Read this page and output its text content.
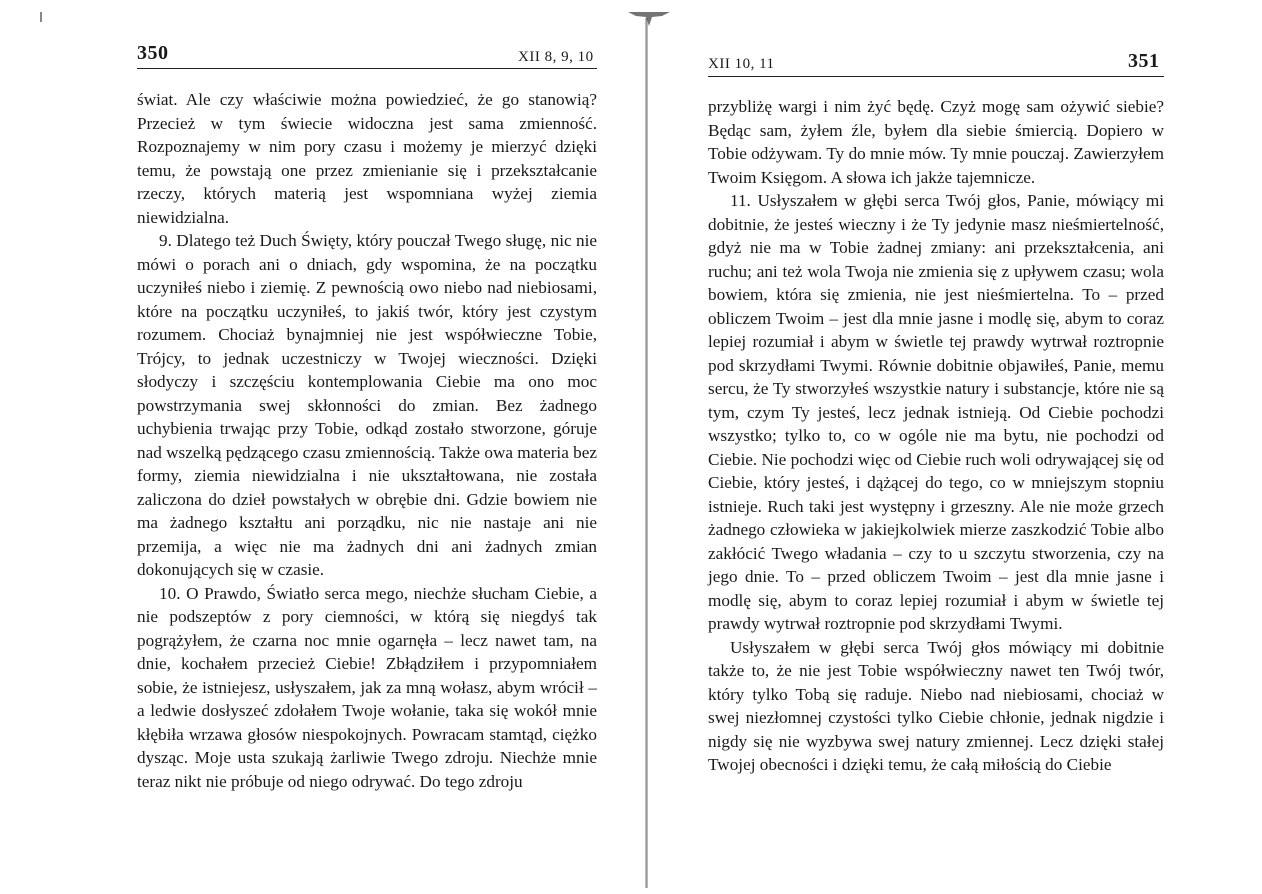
350	XII 8, 9, 10

świat. Ale czy właściwie można powiedzieć, że go stanowią? Przecież w tym świecie widoczna jest sama zmienność. Rozpoznajemy w nim pory czasu i możemy je mierzyć dzięki temu, że powstają one przez zmienianie się i przekształcanie rzeczy, których materią jest wspomniana wyżej ziemia niewidzialna.

9. Dlatego też Duch Święty, który pouczał Twego sługę, nic nie mówi o porach ani o dniach, gdy wspomina, że na początku uczyniłeś niebo i ziemię. Z pewnością owo niebo nad niebiosami, które na początku uczyniłeś, to jakiś twór, który jest czystym rozumem. Chociaż bynajmniej nie jest współwieczne Tobie, Trójcy, to jednak uczestniczy w Twojej wieczności. Dzięki słodyczy i szczęściu kontemplowania Ciebie ma ono moc powstrzymania swej skłonności do zmian. Bez żadnego uchybienia trwając przy Tobie, odkąd zostało stworzone, góruje nad wszelką pędzącego czasu zmiennością. Także owa materia bez formy, ziemia niewidzialna i nie ukształtowana, nie została zaliczona do dzieł powstałych w obrębie dni. Gdzie bowiem nie ma żadnego kształtu ani porządku, nic nie nastaje ani nie przemija, a więc nie ma żadnych dni ani żadnych zmian dokonujących się w czasie.

10. O Prawdo, Światło serca mego, niechże słucham Ciebie, a nie podszeptów z pory ciemności, w którą się niegdyś tak pogrążyłem, że czarna noc mnie ogarnęła – lecz nawet tam, na dnie, kochałem przecież Ciebie! Zbłądziłem i przypomniałem sobie, że istniejesz, usłyszałem, jak za mną wołasz, abym wrócił – a ledwie dosłyszeć zdołałem Twoje wołanie, taka się wokół mnie kłębiła wrzawa głosów niespokojnych. Powracam stamtąd, ciężko dysząc. Moje usta szukają żarliwie Twego zdroju. Niechże mnie teraz nikt nie próbuje od niego odrywać. Do tego zdroju

XII 10, 11	351

przybliżę wargi i nim żyć będę. Czyż mogę sam ożywić siebie? Będąc sam, żyłem źle, byłem dla siebie śmiercią. Dopiero w Tobie odżywam. Ty do mnie mów. Ty mnie pouczaj. Zawierzyłem Twoim Księgom. A słowa ich jakże tajemnicze.

11. Usłyszałem w głębi serca Twój głos, Panie, mówiący mi dobitnie, że jesteś wieczny i że Ty jedynie masz nieśmiertelność, gdyż nie ma w Tobie żadnej zmiany: ani przekształcenia, ani ruchu; ani też wola Twoja nie zmienia się z upływem czasu; wola bowiem, która się zmienia, nie jest nieśmiertelna. To – przed obliczem Twoim – jest dla mnie jasne i modlę się, abym to coraz lepiej rozumiał i abym w świetle tej prawdy wytrwał roztropnie pod skrzydłami Twymi. Równie dobitnie objawiłeś, Panie, memu sercu, że Ty stworzyłeś wszystkie natury i substancje, które nie są tym, czym Ty jesteś, lecz jednak istnieją. Od Ciebie pochodzi wszystko; tylko to, co w ogóle nie ma bytu, nie pochodzi od Ciebie. Nie pochodzi więc od Ciebie ruch woli odrywającej się od Ciebie, który jesteś, i dążącej do tego, co w mniejszym stopniu istnieje. Ruch taki jest występny i grzeszny. Ale nie może grzech żadnego człowieka w jakiejkolwiek mierze zaszkodzić Tobie albo zakłócić Twego władania – czy to u szczytu stworzenia, czy na jego dnie. To – przed obliczem Twoim – jest dla mnie jasne i modlę się, abym to coraz lepiej rozumiał i abym w świetle tej prawdy wytrwał roztropnie pod skrzydłami Twymi.

Usłyszałem w głębi serca Twój głos mówiący mi dobitnie także to, że nie jest Tobie współwieczny nawet ten Twój twór, który tylko Tobą się raduje. Niebo nad niebiosami, chociaż w swej niezłomnej czystości tylko Ciebie chłonie, jednak nigdzie i nigdy się nie wyzbywa swej natury zmiennej. Lecz dzięki stałej Twojej obecności i dzięki temu, że całą miłością do Ciebie
